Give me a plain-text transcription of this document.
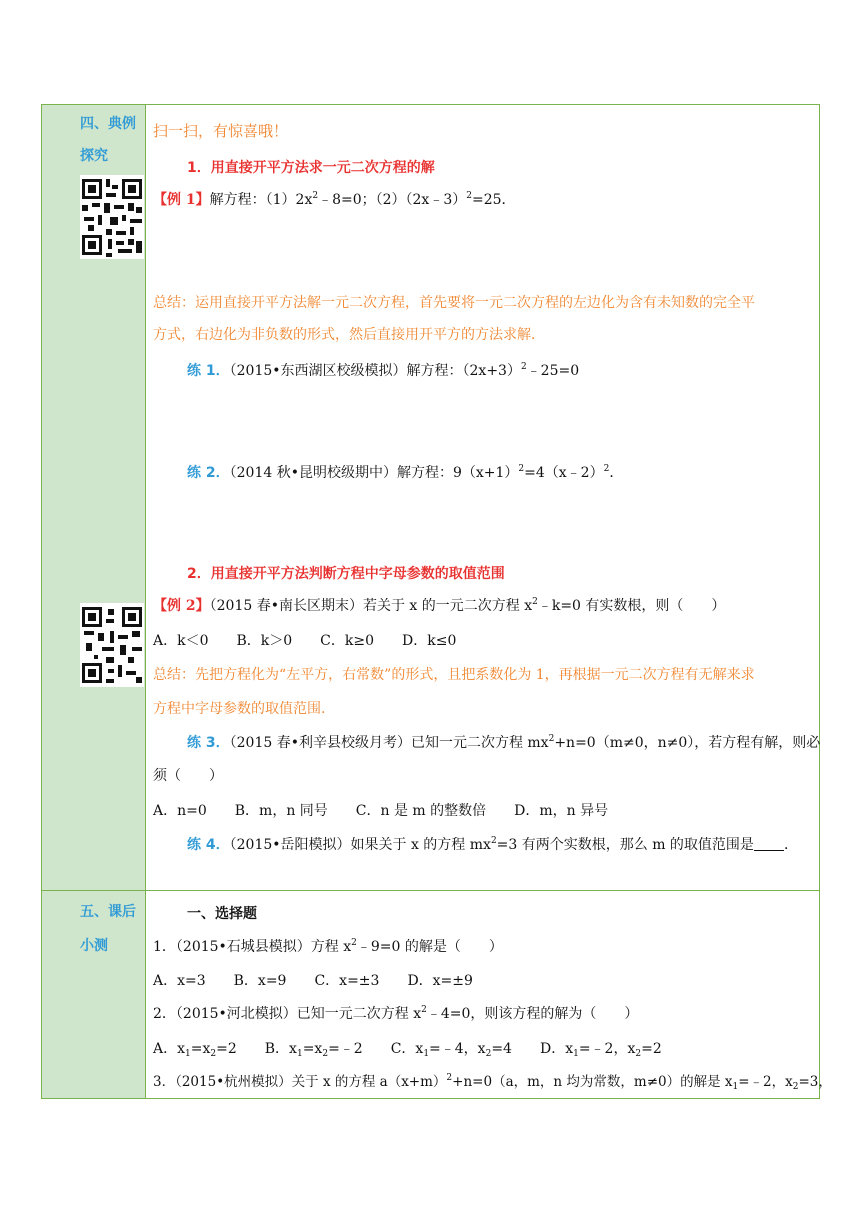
四、典例
探究
五、课后
小测
扫一扫，有惊喜哦！
1．用直接开平方法求一元二次方程的解
【例 1】解方程：$(1)2x^2﹣8=0$；（2）（2x﹣3）$^2$=25．
总结：运用直接开平方法解一元二次方程，首先要将一元二次方程的左边化为含有未知数的完全平
方式，右边化为非负数的形式，然后直接用开平方的方法求解．
练 1．（2015•东西湖区校级模拟）解方程：$(2x+3)^2﹣25=0$
练 2．（2014 秋•昆明校级期中）解方程：$9(x+1)^2=4(x﹣2)^2$．
2．用直接开平方法判断方程中字母参数的取值范围
【例 2】（2015 春•南长区期末）若关于 x 的一元二次方程 $x^2﹣k=0$ 有实数根，则（　　）
A．k＜0　　B．k＞0　　C．k≥0　　D．k≤0
总结：先把方程化为“左平方，右常数”的形式，且把系数化为 1，再根据一元二次方程有无解来求
方程中字母参数的取值范围.
练 3．（2015 春•利辛县校级月考）已知一元二次方程 $mx^2+n=0(m\ne 0$，n≠0），若方程有解，则必
须（　　）
A．n=0　　B．m，n 同号　　C．n 是 m 的整数倍　　D．m，n 异号
练 4．（2015•岳阳模拟）如果关于 x 的方程 $mx^2=3$ 有两个实数根，那么 m 的取值范围是 ．
一、选择题
1．（2015•石城县模拟）方程 $x^2﹣9=0$ 的解是（　　）
A．x=3　　B．x=9　　C．x=±3　　D．x=±9
2．（2015•河北模拟）已知一元二次方程 $x^2﹣4=0$，则该方程的解为（　　）
A．$x_1=x_2=2$　　B．$x_1=x_2=﹣2$　　C．$x_1=﹣4$，$x_2=4$　　D．$x_1=﹣2$，$x_2=2$
3．（2015•杭州模拟）关于 x 的方程 $a(x+m)^2+n=0(a$，m，n 均为常数，m≠0）的解是 $x_1=﹣2$，$x_2=3$，
